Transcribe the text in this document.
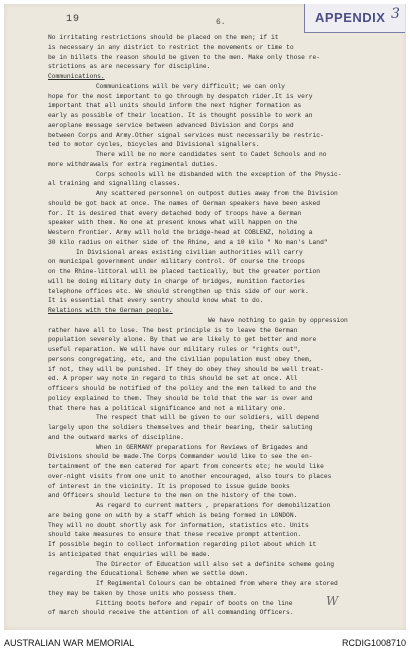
19	6.	APPENDIX 3
No irritating restrictions should be placed on the men; if it
is necessary in any district to restrict the movements or time to
be in billets the reason should be given to the men. Make only those re-
strictions as are necessary for discipline.
Communications.
Communications will be very difficult; we can only
hope for the most important to go through by despatch rider.It is very
important that all units should inform the next higher formation as
early as possible of their location. It is thought possible to work an
aeroplane message service between advanced Division and Corps and
between Corps and Army.Other signal services must necessarily be restric-
ted to motor cycles, bicycles and Divisional signallers.
There will be no more candidates sent to Cadet Schools and no
more withdrawals for extra regimental duties.
Corps schools will be disbanded with the exception of the Physic-
al training and signalling classes.
Any scattered personnel on outpost duties away from the Division
should be got back at once. The names of German speakers have been asked
for. It is desired that every detached body of troops have a German
speaker with them. No one at present knows what will happen on the
Western frontier. Army will hold the bridge-head at COBLENZ, holding a
30 kilo radius on either side of the Rhine, and a 10 kilo " No man's Land"
In Divisional areas existing civilian authorities will carry
on municipal government under military control. Of course the troops
on the Rhine-littoral will be placed tactically, but the greater portion
will be doing military duty in charge of bridges, munition factories
telephone offices etc. We should strengthen up this side of our work.
It is essential that every sentry should know what to do.
Relations with the German people.
We have nothing to gain by oppression
rather have all to lose. The best principle is to leave the German
population severely alone. By that we are likely to get better and more
useful reparation. We will have our military rules or "rights out",
persons congregating, etc, and the civilian population must obey them,
if not, they will be punished. If they do obey they should be well treat-
ed. A proper way note in regard to this should be set at once. All
officers should be notified of the policy and the men talked to and the
policy explained to them. They should be told that the war is over and
that there has a political significance and not a military one.
The respect that will be given to our soldiers, will depend
largely upon the soldiers themselves and their bearing, their saluting
and the outward marks of discipline.
When in GERMANY preparations for Reviews of Brigades and
Divisions should be made.The Corps Commander would like to see the en-
tertainment of the men catered for apart from concerts etc; he would like
over-night visits from one unit to another encouraged, also tours to places
of interest in the vicinity. It is proposed to issue guide books
and Officers should lecture to the men on the history of the town.
As regard to current matters , preparations for demobilization
are being gone on with by a staff which is being formed in LONDON.
They will no doubt shortly ask for information, statistics etc. Units
should take measures to ensure that these receive prompt attention.
If possible begin to collect information regarding pilot about which it
is anticipated that enquiries will be made.
The Director of Education will also set a definite scheme going
regarding the Educational Scheme when we settle down.
If Regimental Colours can be obtained from where they are stored
they may be taken by those units who possess them.
Fitting boots before and repair of boots on the line
of march should receive the attention of all commanding Officers.
W
AUSTRALIAN WAR MEMORIAL	RCDIG1008710
